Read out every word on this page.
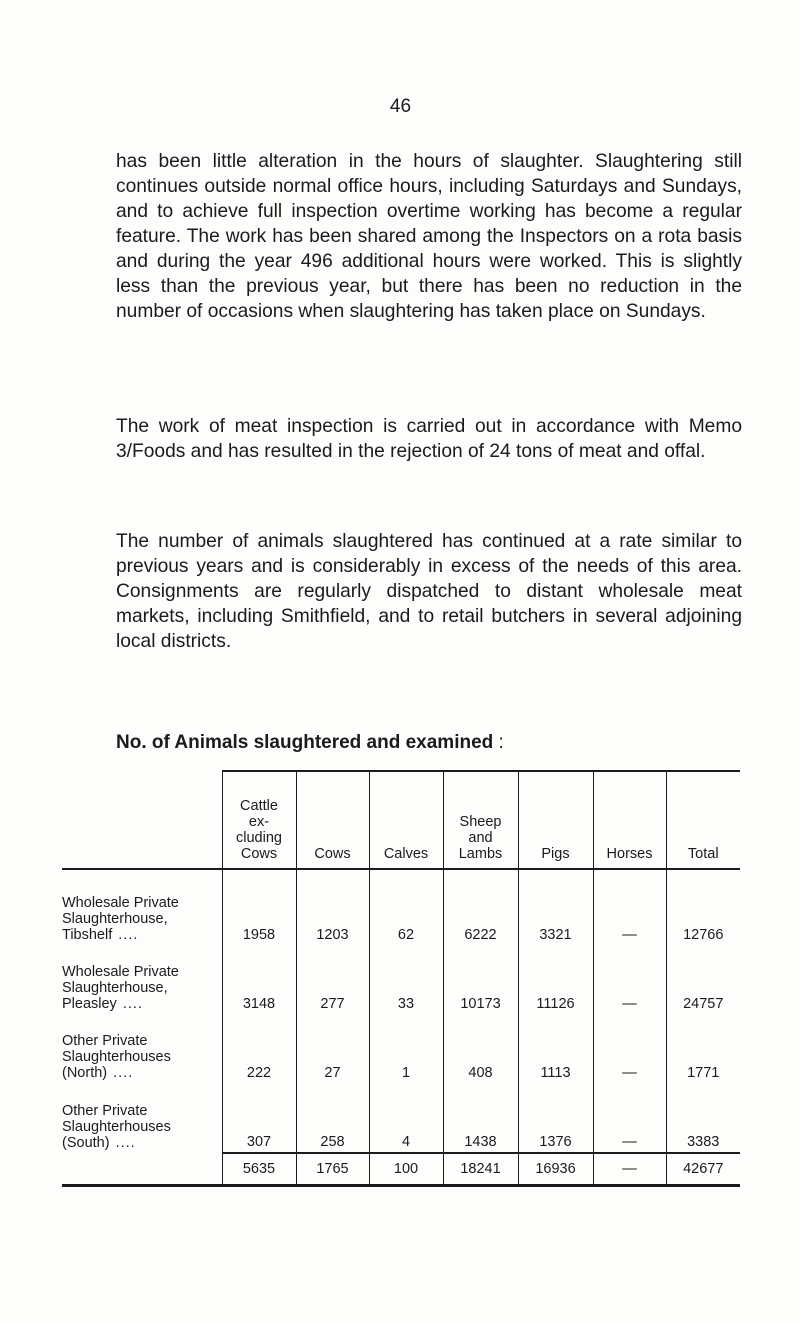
46

has been little alteration in the hours of slaughter. Slaughtering still continues outside normal office hours, including Saturdays and Sundays, and to achieve full inspection overtime working has become a regular feature. The work has been shared among the Inspectors on a rota basis and during the year 496 additional hours were worked. This is slightly less than the previous year, but there has been no reduction in the number of occasions when slaughtering has taken place on Sundays.

The work of meat inspection is carried out in accordance with Memo 3/Foods and has resulted in the rejection of 24 tons of meat and offal.

The number of animals slaughtered has continued at a rate similar to previous years and is considerably in excess of the needs of this area. Consignments are regularly dispatched to distant wholesale meat markets, including Smithfield, and to retail butchers in several adjoining local districts.

No. of Animals slaughtered and examined :

	Cattle
ex-
cluding
Cows	Cows	Calves	Sheep
and
Lambs	Pigs	Horses	Total

Wholesale Private
Slaughterhouse,
Tibshelf ....	1958	1203	62	6222	3321	—	12766

Wholesale Private
Slaughterhouse,
Pleasley ....	3148	277	33	10173	11126	—	24757

Other Private
Slaughterhouses
(North) ....	222	27	1	408	1113	—	1771

Other Private
Slaughterhouses
(South) ....	307	258	4	1438	1376	—	3383
	5635	1765	100	18241	16936	—	42677
